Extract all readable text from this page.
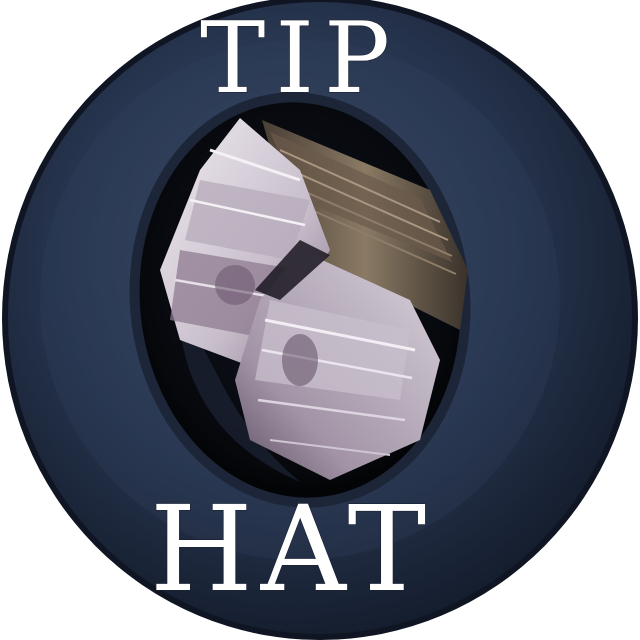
TIP
HAT
